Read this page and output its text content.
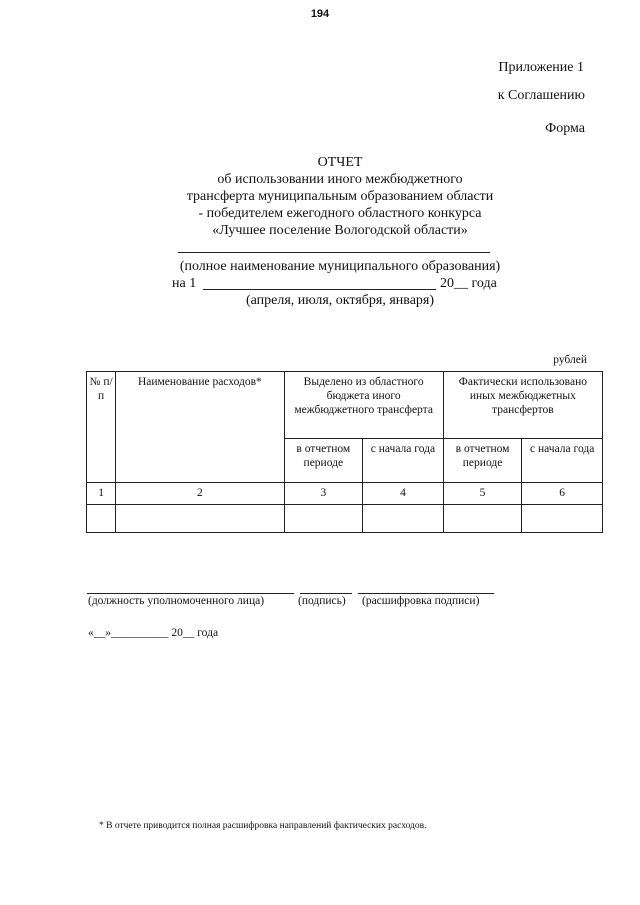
194
Приложение 1
к Соглашению
Форма
ОТЧЕТ
об использовании иного межбюджетного
трансферта муниципальным образованием области
- победителем ежегодного областного конкурса
«Лучшее поселение Вологодской области»
(полное наименование муниципального образования)
на 1	20__ года
(апреля, июля, октября, января)
рублей
№ п/п	Наименование расходов*	Выделено из областного бюджета иного межбюджетного трансферта		Фактически использовано иных межбюджетных трансфертов	
		в отчетном периоде	с начала года	в отчетном периоде	с начала года
1	2	3	4	5	6

(должность уполномоченного лица)	(подпись) (расшифровка подписи)
«__»__________ 20__ года
* В отчете приводится полная расшифровка направлений фактических расходов.
